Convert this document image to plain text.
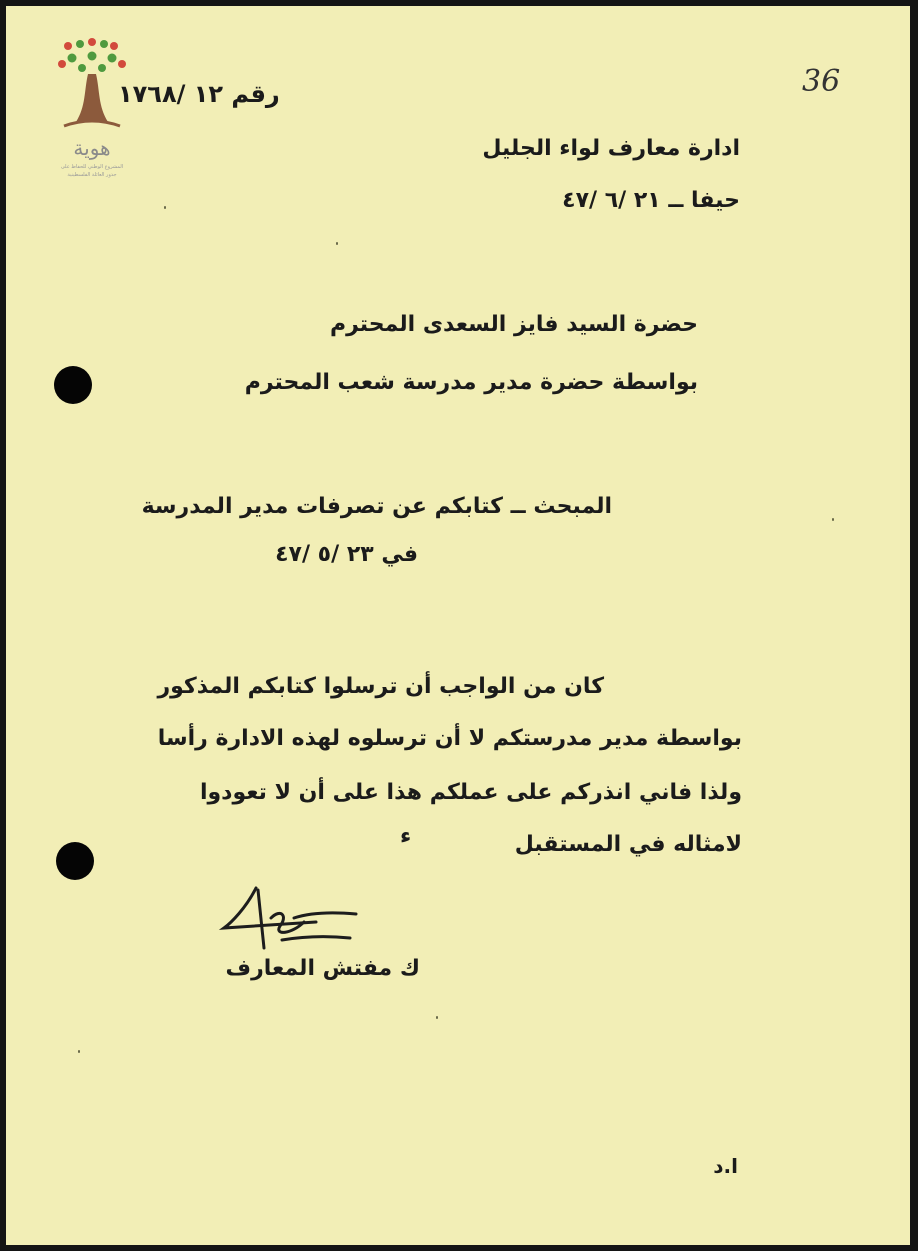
هوية
المشروع الوطني للحفاظ على
جذور العائلة الفلسطينية
رقم ١٢ /١٧٦٨	36
ادارة معارف لواء الجليل
حيفا ــ ٢١ /٦ /٤٧
حضرة السيد فايز السعدى المحترم
بواسطة حضرة مدير مدرسة شعب المحترم
المبحث ــ كتابكم عن تصرفات مدير المدرسة
في ٢٣ /٥ /٤٧
كان من الواجب أن ترسلوا كتابكم المذكور
بواسطة مدير مدرستكم لا أن ترسلوه لهذه الادارة رأسا
ولذا فاني انذركم على عملكم هذا على أن لا تعودوا
لامثاله في المستقبل
ء
ك مفتش المعارف
ا.د
